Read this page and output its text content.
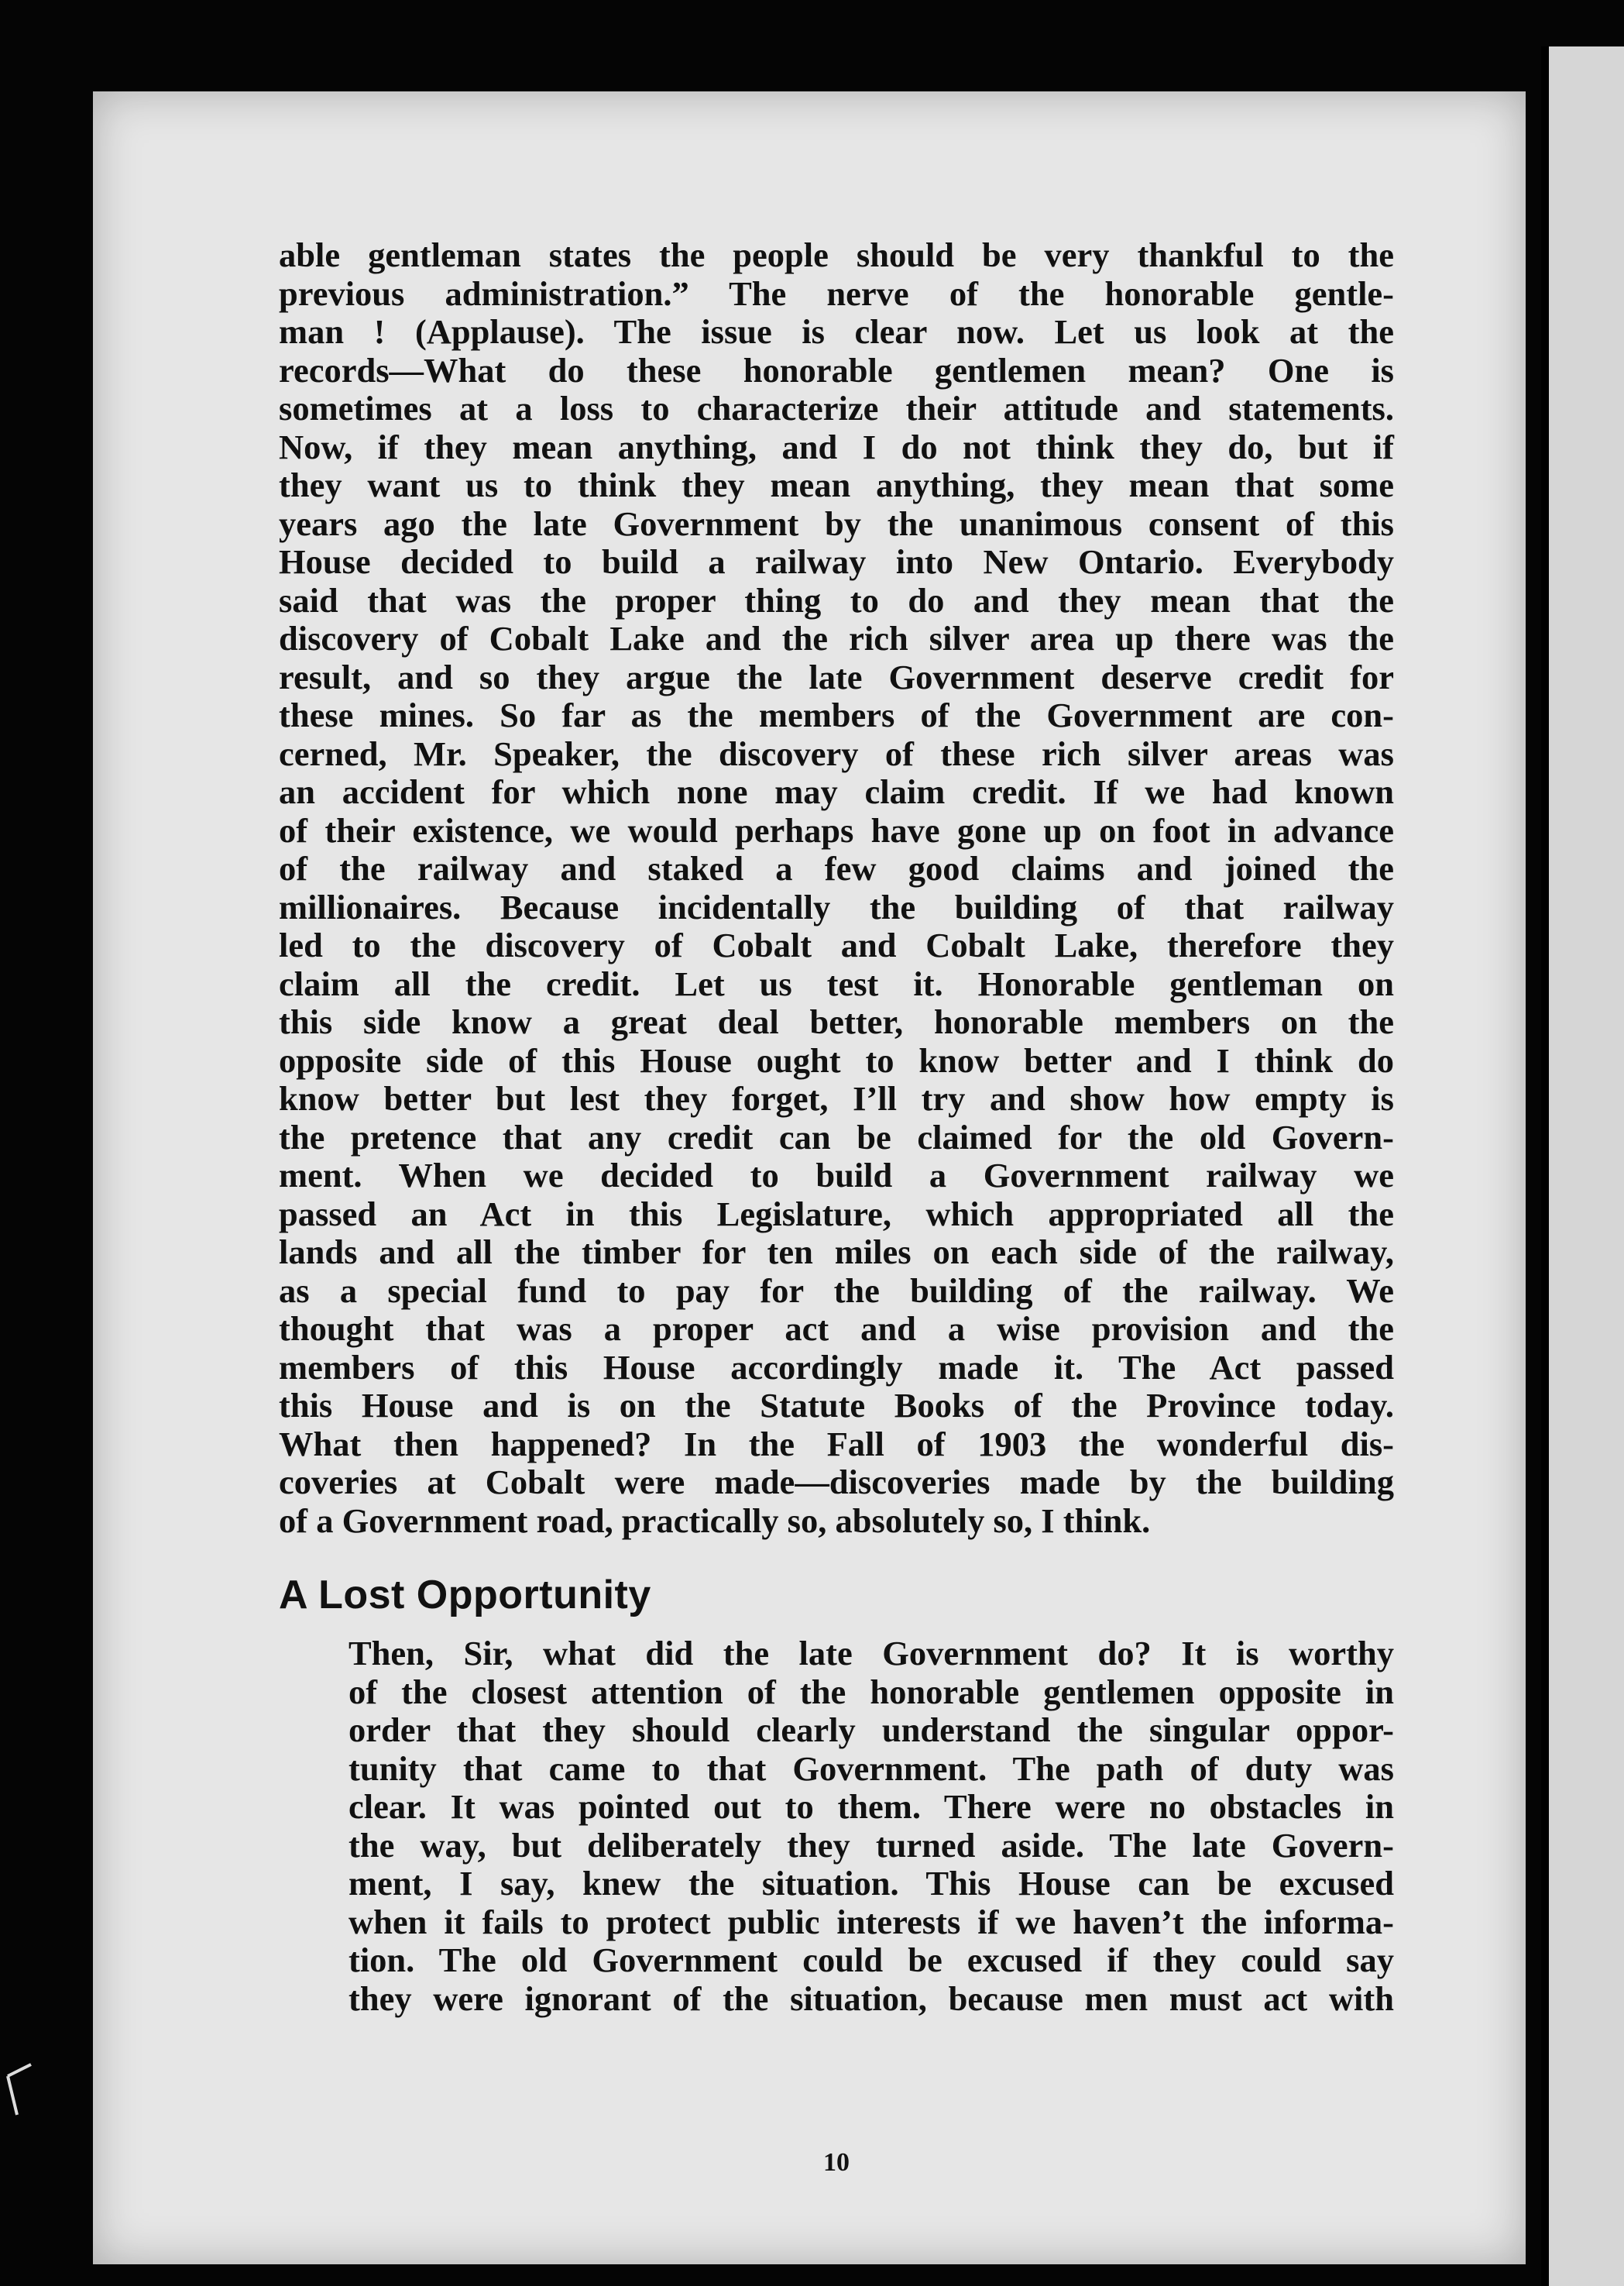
able gentleman states the people should be very thankful to the
previous administration.” The nerve of the honorable gentle-
man ! (Applause). The issue is clear now. Let us look at the
records—What do these honorable gentlemen mean? One is
sometimes at a loss to characterize their attitude and statements.
Now, if they mean anything, and I do not think they do, but if
they want us to think they mean anything, they mean that some
years ago the late Government by the unanimous consent of this
House decided to build a railway into New Ontario. Everybody
said that was the proper thing to do and they mean that the
discovery of Cobalt Lake and the rich silver area up there was the
result, and so they argue the late Government deserve credit for
these mines. So far as the members of the Government are con-
cerned, Mr. Speaker, the discovery of these rich silver areas was
an accident for which none may claim credit. If we had known
of their existence, we would perhaps have gone up on foot in advance
of the railway and staked a few good claims and joined the
millionaires. Because incidentally the building of that railway
led to the discovery of Cobalt and Cobalt Lake, therefore they
claim all the credit. Let us test it. Honorable gentleman on
this side know a great deal better, honorable members on the
opposite side of this House ought to know better and I think do
know better but lest they forget, I’ll try and show how empty is
the pretence that any credit can be claimed for the old Govern-
ment. When we decided to build a Government railway we
passed an Act in this Legislature, which appropriated all the
lands and all the timber for ten miles on each side of the railway,
as a special fund to pay for the building of the railway. We
thought that was a proper act and a wise provision and the
members of this House accordingly made it. The Act passed
this House and is on the Statute Books of the Province today.
What then happened? In the Fall of 1903 the wonderful dis-
coveries at Cobalt were made—discoveries made by the building
of a Government road, practically so, absolutely so, I think.
A Lost Opportunity
Then, Sir, what did the late Government do? It is worthy
of the closest attention of the honorable gentlemen opposite in
order that they should clearly understand the singular oppor-
tunity that came to that Government. The path of duty was
clear. It was pointed out to them. There were no obstacles in
the way, but deliberately they turned aside. The late Govern-
ment, I say, knew the situation. This House can be excused
when it fails to protect public interests if we haven’t the informa-
tion. The old Government could be excused if they could say
they were ignorant of the situation, because men must act with
10
